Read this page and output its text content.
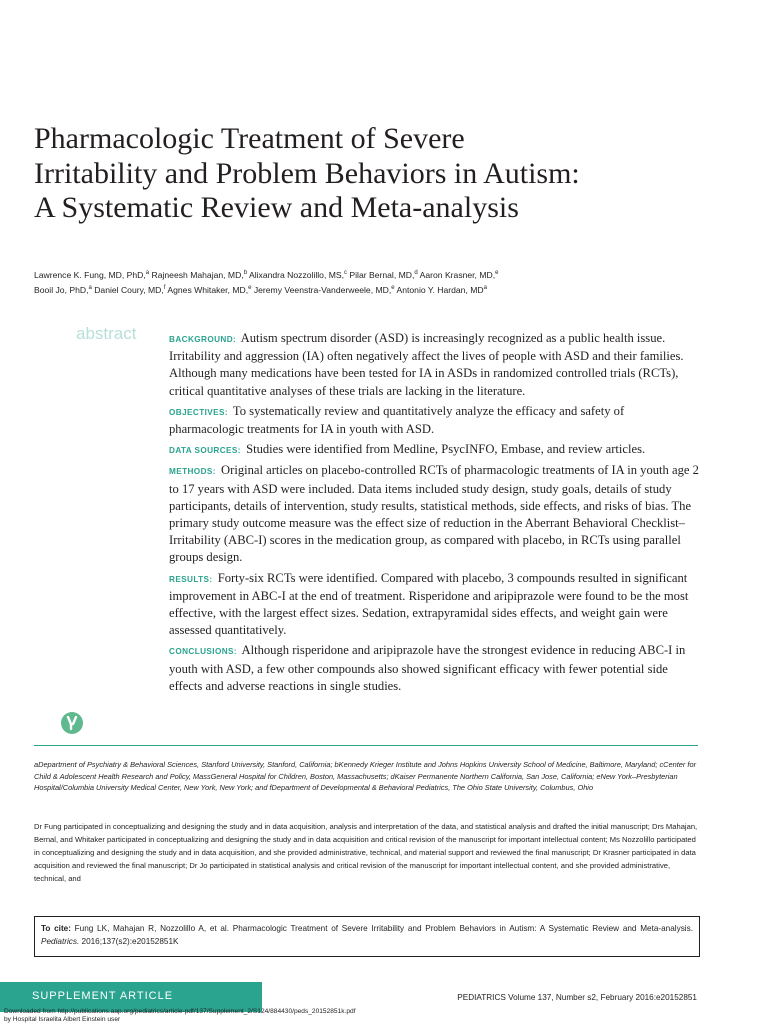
Pharmacologic Treatment of Severe Irritability and Problem Behaviors in Autism: A Systematic Review and Meta-analysis
Lawrence K. Fung, MD, PhD,$^a$ Rajneesh Mahajan, MD,$^b$ Alixandra Nozzolillo, MS,$^c$ Pilar Bernal, MD,$^d$ Aaron Krasner, MD,$^e$
Booil Jo, PhD,$^a$ Daniel Coury, MD,$^f$ Agnes Whitaker, MD,$^e$ Jeremy Veenstra-Vanderweele, MD,$^e$ Antonio Y. Hardan, $MD^a$
abstract	BACKGROUND: Autism spectrum disorder (ASD) is increasingly recognized as a public health issue. Irritability and aggression (IA) often negatively affect the lives of people with ASD and their families. Although many medications have been tested for IA in ASDs in randomized controlled trials (RCTs), critical quantitative analyses of these trials are lacking in the literature.

OBJECTIVES: To systematically review and quantitatively analyze the efficacy and safety of pharmacologic treatments for IA in youth with ASD.

DATA SOURCES: Studies were identified from Medline, PsycINFO, Embase, and review articles.

METHODS: Original articles on placebo-controlled RCTs of pharmacologic treatments of IA in youth age 2 to 17 years with ASD were included. Data items included study design, study goals, details of study participants, details of intervention, study results, statistical methods, side effects, and risks of bias. The primary study outcome measure was the effect size of reduction in the Aberrant Behavioral Checklist–Irritability (ABC-I) scores in the medication group, as compared with placebo, in RCTs using parallel groups design.

RESULTS: Forty-six RCTs were identified. Compared with placebo, 3 compounds resulted in significant improvement in ABC-I at the end of treatment. Risperidone and aripiprazole were found to be the most effective, with the largest effect sizes. Sedation, extrapyramidal sides effects, and weight gain were assessed quantitatively.

CONCLUSIONS: Although risperidone and aripiprazole have the strongest evidence in reducing ABC-I in youth with ASD, a few other compounds also showed significant efficacy with fewer potential side effects and adverse reactions in single studies.

aDepartment of Psychiatry & Behavioral Sciences, Stanford University, Stanford, California; bKennedy Krieger Institute and Johns Hopkins University School of Medicine, Baltimore, Maryland; cCenter for Child & Adolescent Health Research and Policy, MassGeneral Hospital for Children, Boston, Massachusetts; dKaiser Permanente Northern California, San Jose, California; eNew York–Presbyterian Hospital/Columbia University Medical Center, New York, New York; and fDepartment of Developmental & Behavioral Pediatrics, The Ohio State University, Columbus, Ohio
Dr Fung participated in conceptualizing and designing the study and in data acquisition, analysis and interpretation of the data, and statistical analysis and drafted the initial manuscript; Drs Mahajan, Bernal, and Whitaker participated in conceptualizing and designing the study and in data acquisition and critical revision of the manuscript for important intellectual content; Ms Nozzolillo participated in conceptualizing and designing the study and in data acquisition, and she provided administrative, technical, and material support and reviewed the final manuscript; Dr Krasner participated in data acquisition and reviewed the final manuscript; Dr Jo participated in statistical analysis and critical revision of the manuscript for important intellectual content, and she provided administrative, technical, and
To cite: Fung LK, Mahajan R, Nozzolillo A, et al. Pharmacologic Treatment of Severe Irritability and Problem Behaviors in Autism: A Systematic Review and Meta-analysis. Pediatrics. 2016;137(s2):e20152851K
SUPPLEMENT ARTICLE	PEDIATRICS Volume 137, Number s2, February 2016:e20152851
Downloaded from http://publications.aap.org/pediatrics/article-pdf/137/Supplement_2/S124/884430/peds_20152851k.pdf
by Hospital Israelita Albert Einstein user
